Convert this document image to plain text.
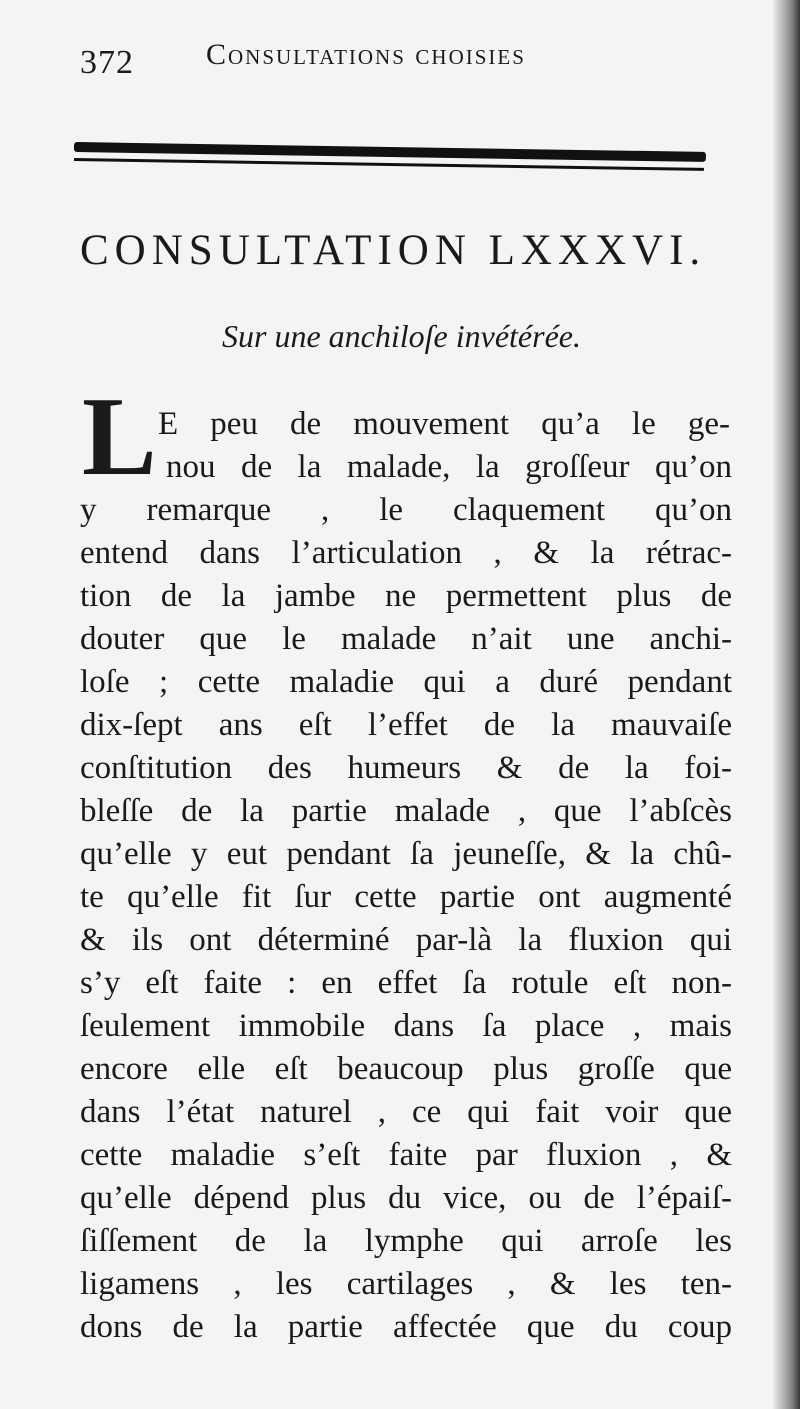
372 Consultations choisies
CONSULTATION LXXXVI.
Sur une anchiloſe invétérée.
L E peu de mouvement qu’a le ge-
nou de la malade, la groſſeur qu’on
y remarque , le claquement qu’on
entend dans l’articulation , & la rétrac-
tion de la jambe ne permettent plus de
douter que le malade n’ait une anchi-
loſe ; cette maladie qui a duré pendant
dix-ſept ans eſt l’effet de la mauvaiſe
conſtitution des humeurs & de la foi-
bleſſe de la partie malade , que l’abſcès
qu’elle y eut pendant ſa jeuneſſe, & la chû-
te qu’elle fit ſur cette partie ont augmenté
& ils ont déterminé par-là la fluxion qui
s’y eſt faite : en effet ſa rotule eſt non-
ſeulement immobile dans ſa place , mais
encore elle eſt beaucoup plus groſſe que
dans l’état naturel , ce qui fait voir que
cette maladie s’eſt faite par fluxion , &
qu’elle dépend plus du vice, ou de l’épaiſ-
ſiſſement de la lymphe qui arroſe les
ligamens , les cartilages , & les ten-
dons de la partie affectée que du coup
